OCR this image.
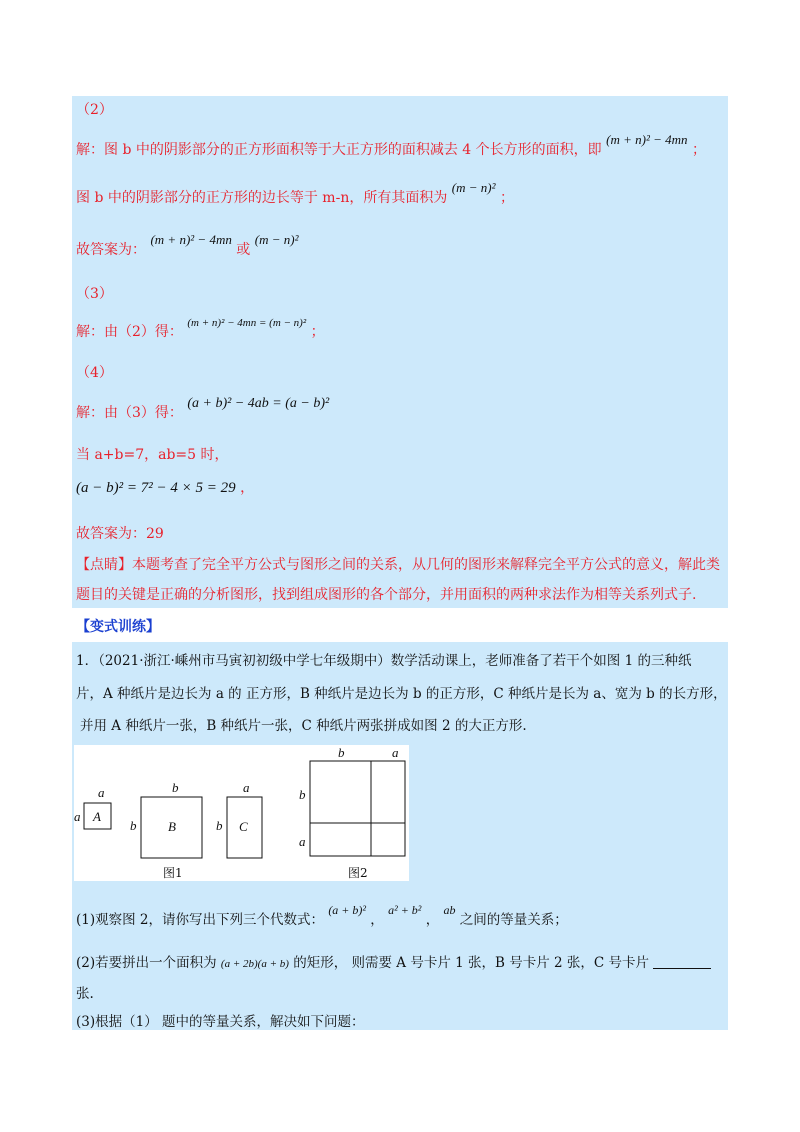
（2）
解：图 b 中的阴影部分的正方形面积等于大正方形的面积减去 4 个长方形的面积，即 (m + n)² − 4mn ；
图 b 中的阴影部分的正方形的边长等于 m-n，所有其面积为 (m − n)² ；
故答案为： (m + n)² − 4mn 或 (m − n)²
（3）
解：由（2）得： $^{(m + n)^2 - 4mn = (m - n)^2}$ ；
（4）
解：由（3）得： (a + b)² − 4ab = (a − b)²
当 a+b=7，ab=5 时，
(a − b)² = 7² − 4 × 5 = 29 ，
故答案为：29
【点睛】本题考查了完全平方公式与图形之间的关系，从几何的图形来解释完全平方公式的意义，解此类
题目的关键是正确的分析图形，找到组成图形的各个部分，并用面积的两种求法作为相等关系列式子.
【变式训练】
1．（2021·浙江·嵊州市马寅初初级中学七年级期中）数学活动课上，老师准备了若干个如图 1 的三种纸
片，A 种纸片是边长为 a 的 正方形，B 种纸片是边长为 b 的正方形，C 种纸片是长为 a、宽为 b 的长方形，
并用 A 种纸片一张，B 种纸片一张，C 种纸片两张拼成如图 2 的大正方形.
a
a A
b
b B
a
b C
b	a
b
a
图1	图2
(1)观察图 2，请你写出下列三个代数式： (a + b)² ， a² + b² ， ab 之间的等量关系；
(2)若要拼出一个面积为 (a + 2b)(a + b) 的矩形， 则需要 A 号卡片 1 张，B 号卡片 2 张，C 号卡片
张.
(3)根据（1） 题中的等量关系，解决如下问题：
